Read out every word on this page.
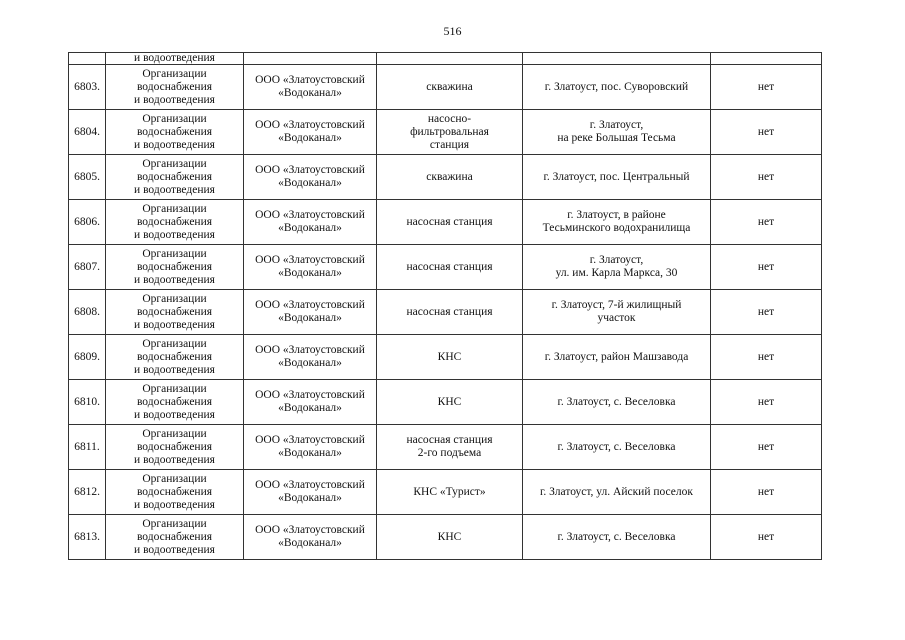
516
	и водоотведения				

6803.	Организации
водоснабжения
и водоотведения	ООО «Златоустовский
«Водоканал»	скважина	г. Златоуст, пос. Суворовский	нет

6804.	Организации
водоснабжения
и водоотведения	ООО «Златоустовский
«Водоканал»	насосно-
фильтровальная
станция	г. Златоуст,
на реке Большая Тесьма	нет

6805.	Организации
водоснабжения
и водоотведения	ООО «Златоустовский
«Водоканал»	скважина	г. Златоуст, пос. Центральный	нет

6806.	Организации
водоснабжения
и водоотведения	ООО «Златоустовский
«Водоканал»	насосная станция	г. Златоуст, в районе
Тесьминского водохранилища	нет

6807.	Организации
водоснабжения
и водоотведения	ООО «Златоустовский
«Водоканал»	насосная станция	г. Златоуст,
ул. им. Карла Маркса, 30	нет

6808.	Организации
водоснабжения
и водоотведения	ООО «Златоустовский
«Водоканал»	насосная станция	г. Златоуст, 7-й жилищный
участок	нет

6809.	Организации
водоснабжения
и водоотведения	ООО «Златоустовский
«Водоканал»	КНС	г. Златоуст, район Машзавода	нет

6810.	Организации
водоснабжения
и водоотведения	ООО «Златоустовский
«Водоканал»	КНС	г. Златоуст, с. Веселовка	нет

6811.	Организации
водоснабжения
и водоотведения	ООО «Златоустовский
«Водоканал»	насосная станция
2-го подъема	г. Златоуст, с. Веселовка	нет

6812.	Организации
водоснабжения
и водоотведения	ООО «Златоустовский
«Водоканал»	КНС «Турист»	г. Златоуст, ул. Айский поселок	нет

6813.	Организации
водоснабжения
и водоотведения	ООО «Златоустовский
«Водоканал»	КНС	г. Златоуст, с. Веселовка	нет
